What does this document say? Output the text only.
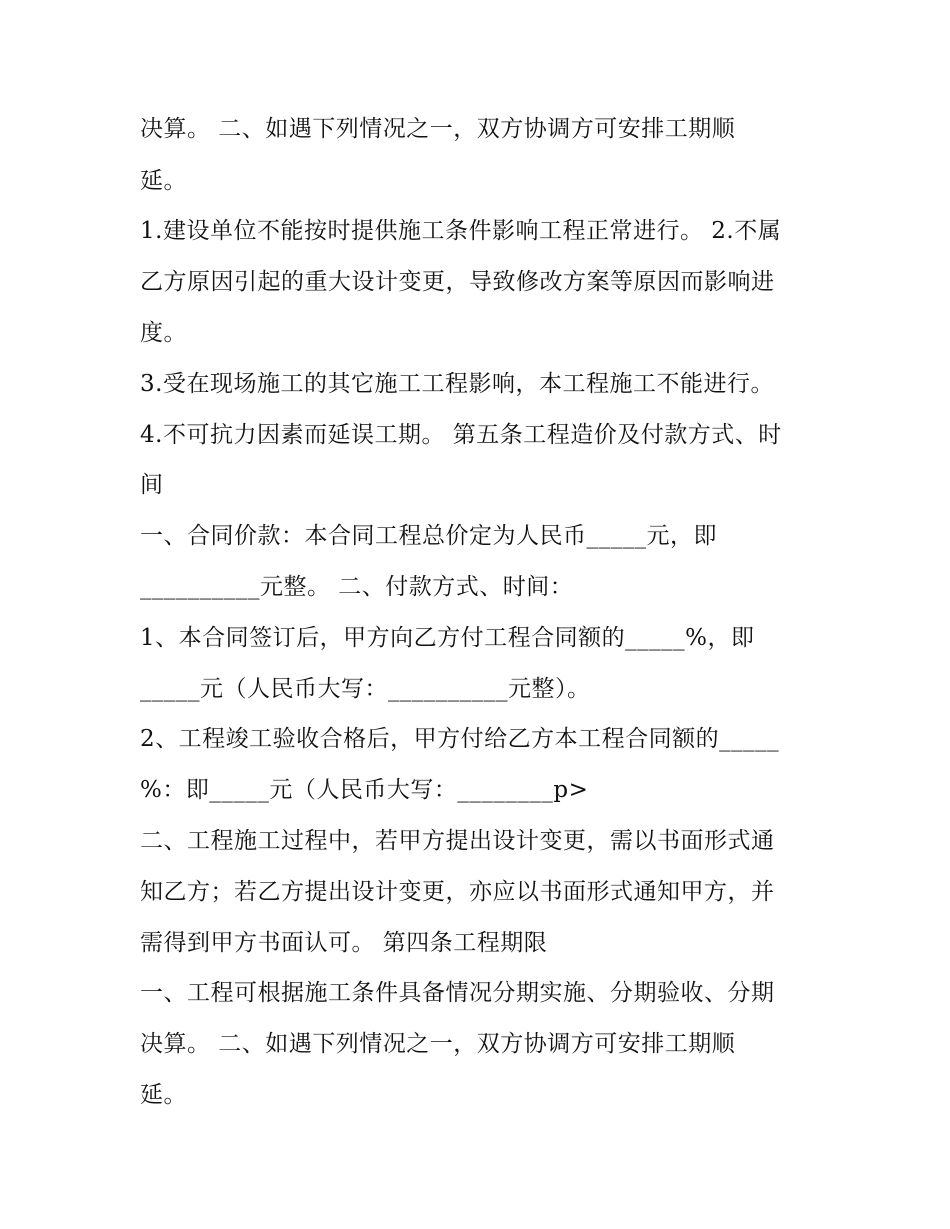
决算。 二、如遇下列情况之一，双方协调方可安排工期顺
延。
1.建设单位不能按时提供施工条件影响工程正常进行。 2.不属
乙方原因引起的重大设计变更，导致修改方案等原因而影响进
度。
3.受在现场施工的其它施工工程影响，本工程施工不能进行。
4.不可抗力因素而延误工期。 第五条工程造价及付款方式、时
间
一、合同价款：本合同工程总价定为人民币_____元，即
__________元整。 二、付款方式、时间：
1、本合同签订后，甲方向乙方付工程合同额的_____%，即
_____元（人民币大写：__________元整）。
2、工程竣工验收合格后，甲方付给乙方本工程合同额的_____
%：即_____元（人民币大写：________p>
二、工程施工过程中，若甲方提出设计变更，需以书面形式通
知乙方；若乙方提出设计变更，亦应以书面形式通知甲方，并
需得到甲方书面认可。 第四条工程期限
一、工程可根据施工条件具备情况分期实施、分期验收、分期
决算。 二、如遇下列情况之一，双方协调方可安排工期顺
延。
